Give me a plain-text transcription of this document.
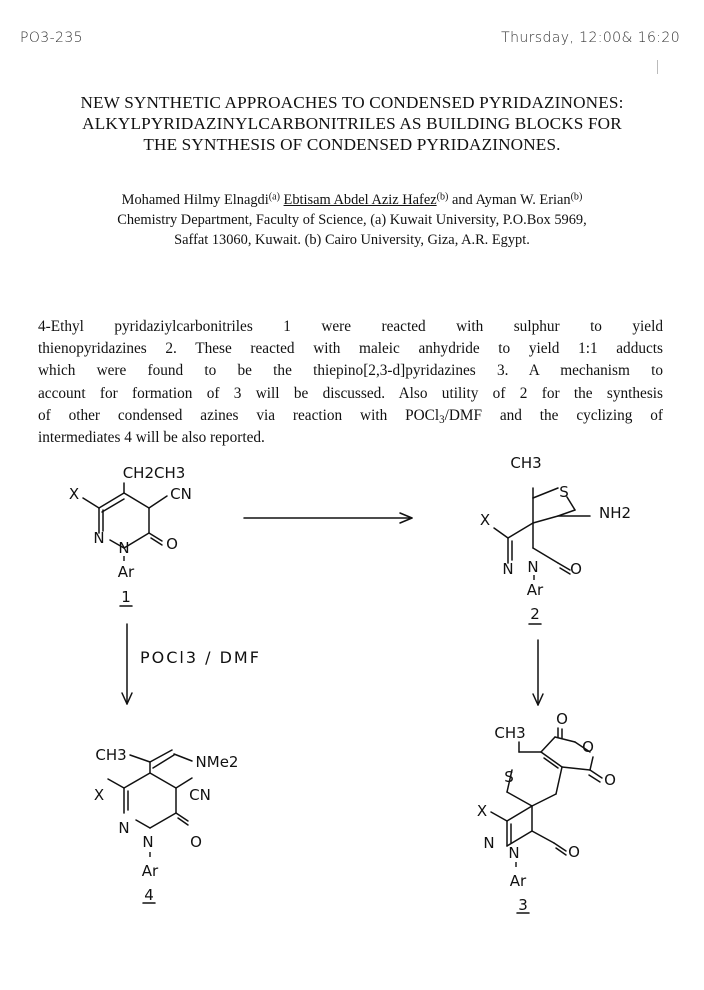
PO3-235	Thursday, 12:00& 16:20
NEW SYNTHETIC APPROACHES TO CONDENSED PYRIDAZINONES:
ALKYLPYRIDAZINYLCARBONITRILES AS BUILDING BLOCKS FOR
THE SYNTHESIS OF CONDENSED PYRIDAZINONES.
Mohamed Hilmy Elnagdi$^{(a)}$ Ebtisam Abdel Aziz Hafez$^{(b)}$ and Ayman W. Erian$^{(b)}$
Chemistry Department, Faculty of Science, (a) Kuwait University, P.O.Box 5969,
Saffat 13060, Kuwait. (b) Cairo University, Giza, A.R. Egypt.
4-Ethyl pyridaziylcarbonitriles 1 were reacted with sulphur to yield
thienopyridazines 2. These reacted with maleic anhydride to yield 1:1 adducts
which were found to be the thiepino[2,3-d]pyridazines 3. A mechanism to
account for formation of 3 will be discussed. Also utility of 2 for the synthesis
of other condensed azines via reaction with POCl$_3$/DMF and the cyclizing of
intermediates 4 will be also reported.
CH2CH3
X	CN
N
N O
Ar
1
CH3
S
NH2
X
N N O
Ar
2
CH3	NMe2
X	CN
N
N O
Ar
4
CH3
S
O
O
O
X
N
N	O
Ar
3
POCl3 / DMF
